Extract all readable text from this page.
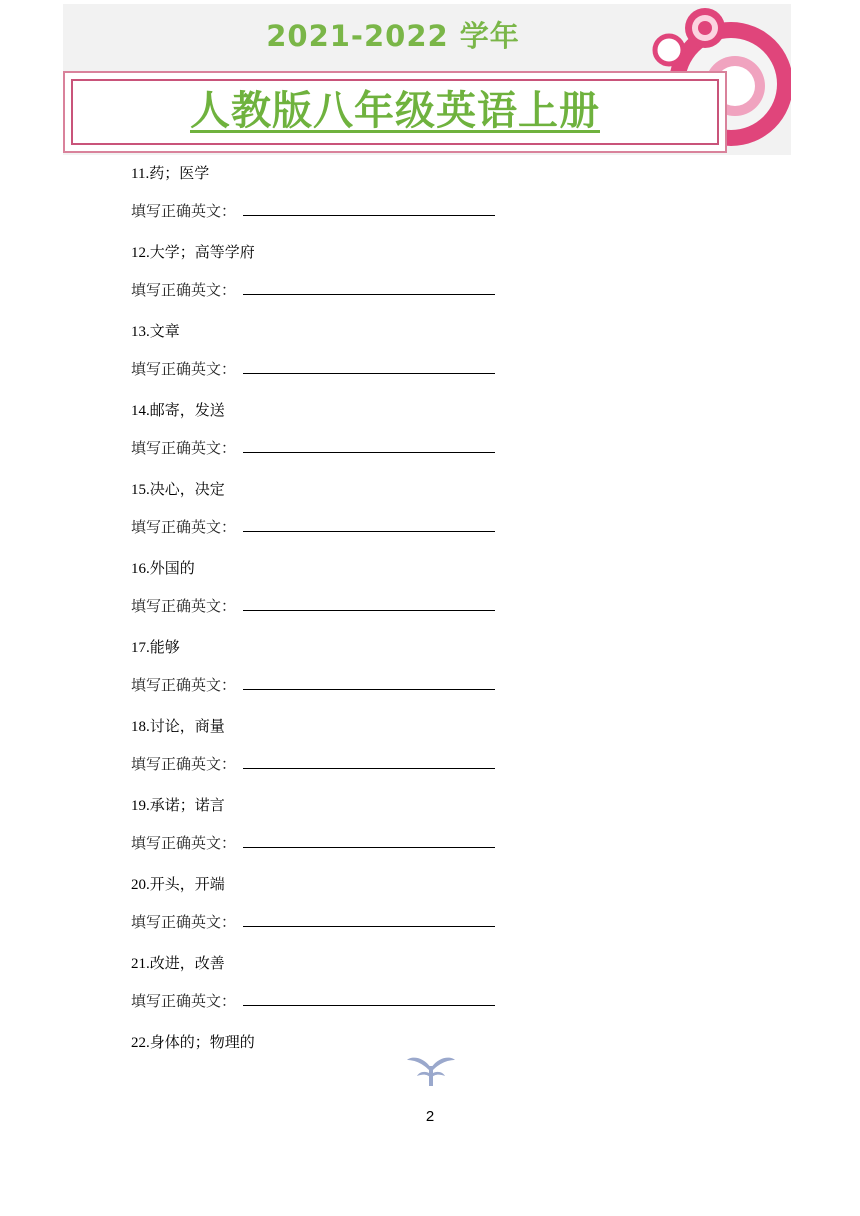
2021-2022 学年
人教版八年级英语上册
11.药；医学
填写正确英文：
12.大学；高等学府
填写正确英文：
13.文章
填写正确英文：
14.邮寄，发送
填写正确英文：
15.决心，决定
填写正确英文：
16.外国的
填写正确英文：
17.能够
填写正确英文：
18.讨论，商量
填写正确英文：
19.承诺；诺言
填写正确英文：
20.开头，开端
填写正确英文：
21.改进，改善
填写正确英文：
22.身体的；物理的
2
